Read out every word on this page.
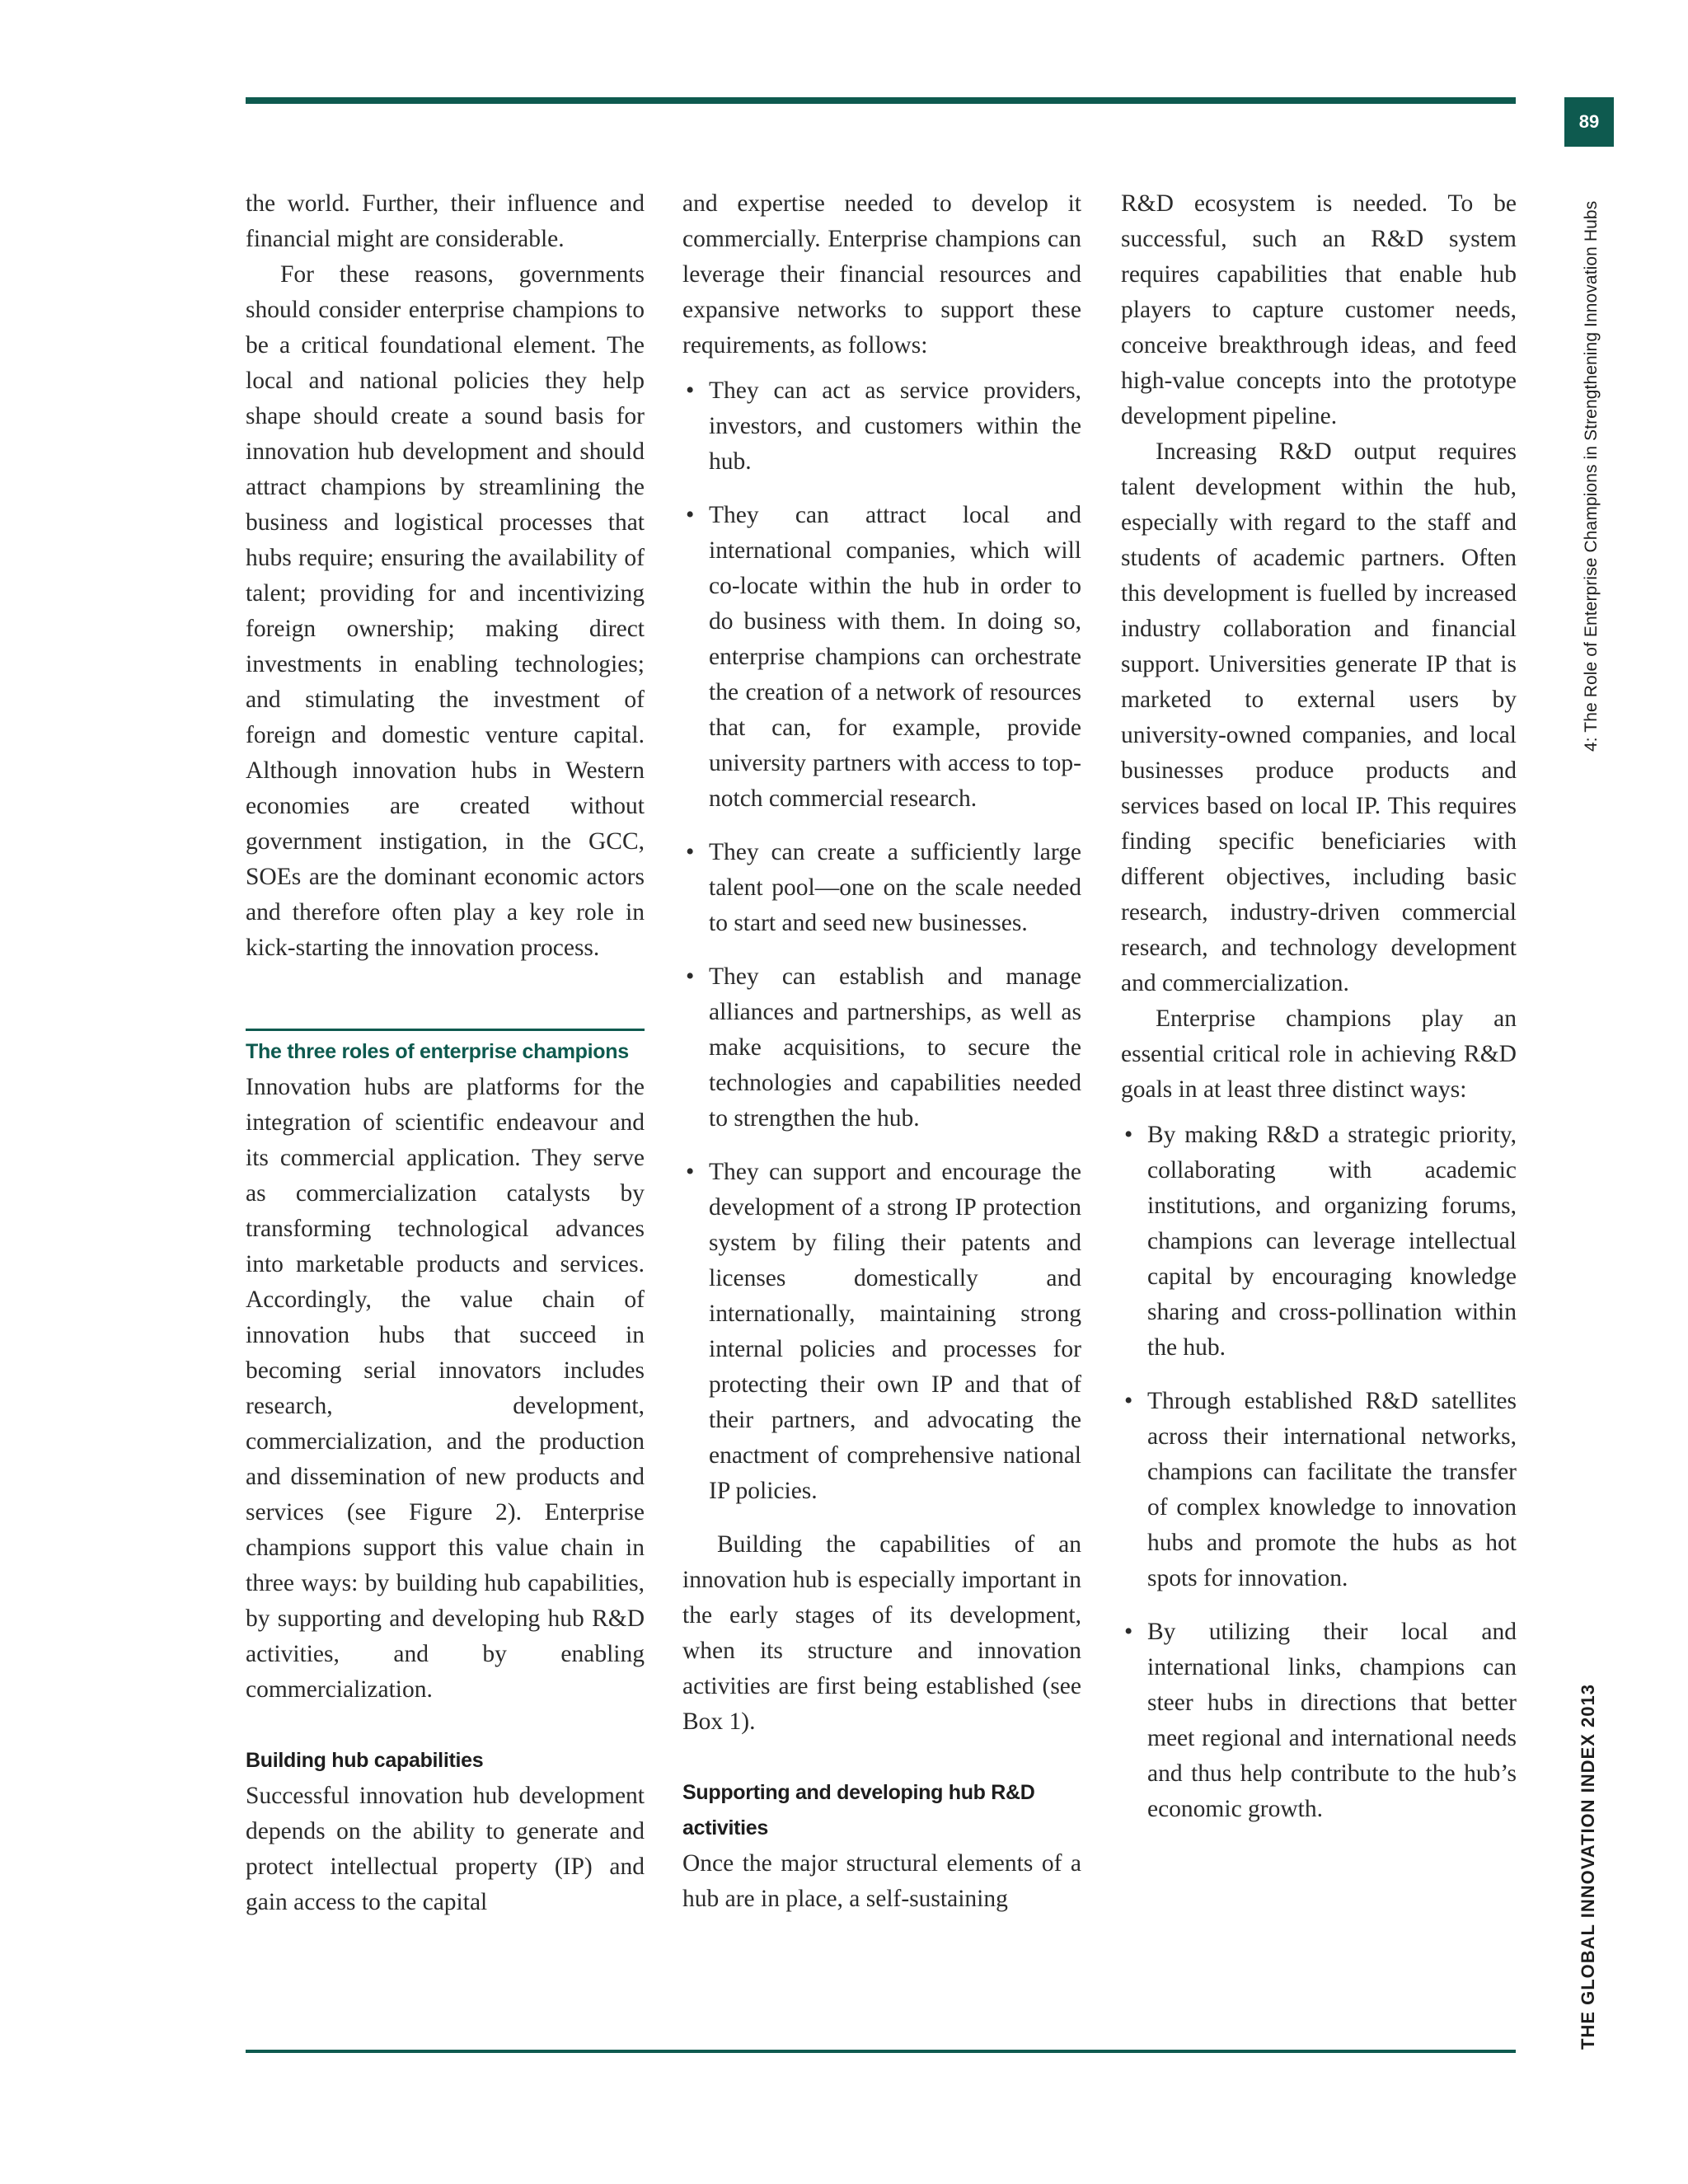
89
4: The Role of Enterprise Champions in Strengthening Innovation Hubs
THE GLOBAL INNOVATION INDEX 2013

the world. Further, their influence and financial might are considerable.

For these reasons, governments should consider enterprise champions to be a critical foundational element. The local and national policies they help shape should create a sound basis for innovation hub development and should attract champions by streamlining the business and logistical processes that hubs require; ensuring the availability of talent; providing for and incentivizing foreign ownership; making direct investments in enabling technologies; and stimulating the investment of foreign and domestic venture capital. Although innovation hubs in Western economies are created without government instigation, in the GCC, SOEs are the dominant economic actors and therefore often play a key role in kick-starting the innovation process.

The three roles of enterprise champions

Innovation hubs are platforms for the integration of scientific endeavour and its commercial application. They serve as commercialization catalysts by transforming technological advances into marketable products and services. Accordingly, the value chain of innovation hubs that succeed in becoming serial innovators includes research, development, commercialization, and the production and dissemination of new products and services (see Figure 2). Enterprise champions support this value chain in three ways: by building hub capabilities, by supporting and developing hub R&D activities, and by enabling commercialization.

Building hub capabilities

Successful innovation hub development depends on the ability to generate and protect intellectual property (IP) and gain access to the capital

and expertise needed to develop it commercially. Enterprise champions can leverage their financial resources and expansive networks to support these requirements, as follows:

• They can act as service providers, investors, and customers within the hub.
• They can attract local and international companies, which will co-locate within the hub in order to do business with them. In doing so, enterprise champions can orchestrate the creation of a network of resources that can, for example, provide university partners with access to top-notch commercial research.
• They can create a sufficiently large talent pool—one on the scale needed to start and seed new businesses.
• They can establish and manage alliances and partnerships, as well as make acquisitions, to secure the technologies and capabilities needed to strengthen the hub.
• They can support and encourage the development of a strong IP protection system by filing their patents and licenses domestically and internationally, maintaining strong internal policies and processes for protecting their own IP and that of their partners, and advocating the enactment of comprehensive national IP policies.

Building the capabilities of an innovation hub is especially important in the early stages of its development, when its structure and innovation activities are first being established (see Box 1).

Supporting and developing hub R&D activities

Once the major structural elements of a hub are in place, a self-sustaining

R&D ecosystem is needed. To be successful, such an R&D system requires capabilities that enable hub players to capture customer needs, conceive breakthrough ideas, and feed high-value concepts into the prototype development pipeline.

Increasing R&D output requires talent development within the hub, especially with regard to the staff and students of academic partners. Often this development is fuelled by increased industry collaboration and financial support. Universities generate IP that is marketed to external users by university-owned companies, and local businesses produce products and services based on local IP. This requires finding specific beneficiaries with different objectives, including basic research, industry-driven commercial research, and technology development and commercialization.

Enterprise champions play an essential critical role in achieving R&D goals in at least three distinct ways:

• By making R&D a strategic priority, collaborating with academic institutions, and organizing forums, champions can leverage intellectual capital by encouraging knowledge sharing and cross-pollination within the hub.
• Through established R&D satellites across their international networks, champions can facilitate the transfer of complex knowledge to innovation hubs and promote the hubs as hot spots for innovation.
• By utilizing their local and international links, champions can steer hubs in directions that better meet regional and international needs and thus help contribute to the hub’s economic growth.
